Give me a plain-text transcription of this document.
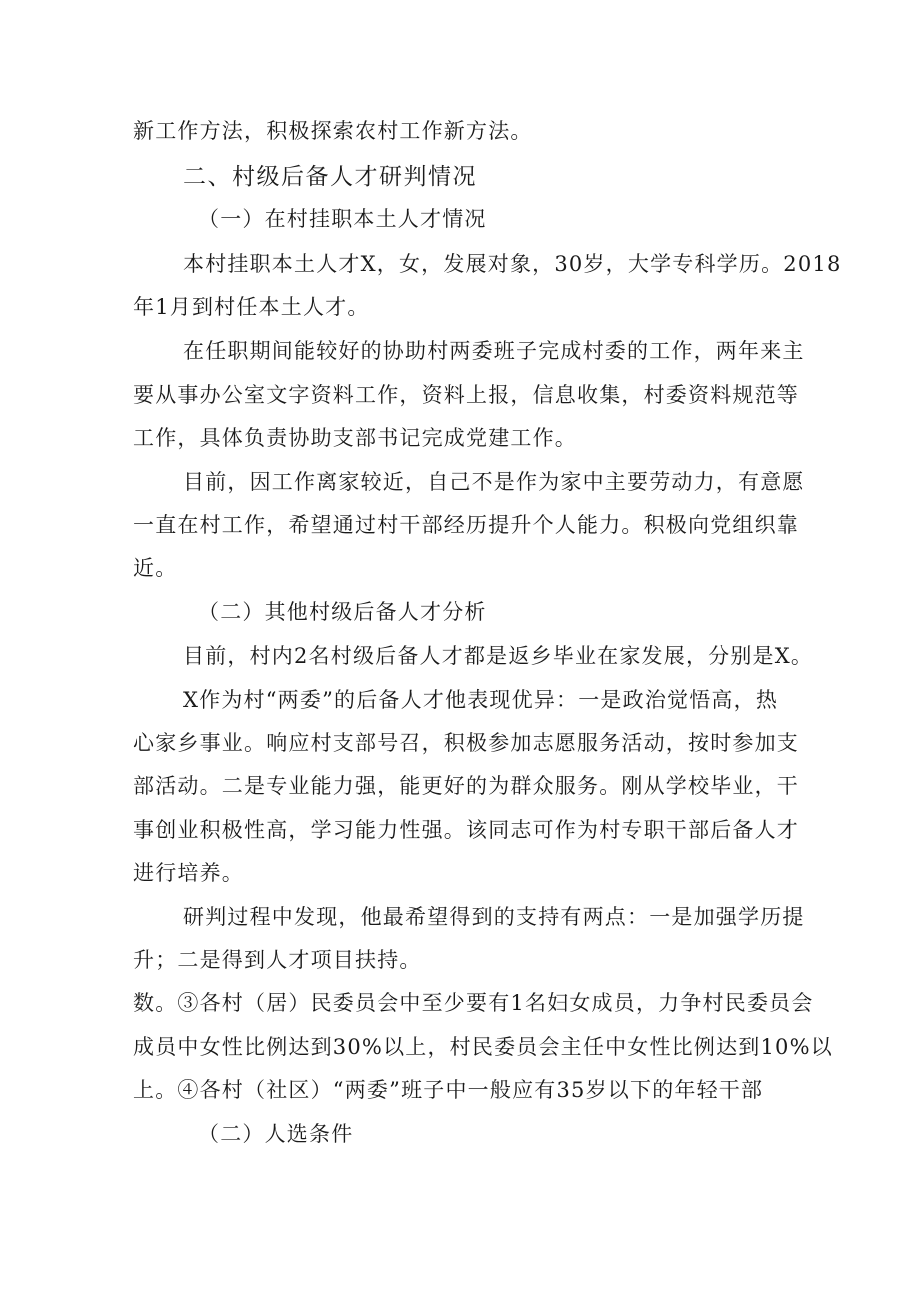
新工作方法，积极探索农村工作新方法。
二、村级后备人才研判情况
（一）在村挂职本土人才情况
本村挂职本土人才X，女，发展对象，30岁，大学专科学历。2018
年1月到村任本土人才。
在任职期间能较好的协助村两委班子完成村委的工作，两年来主
要从事办公室文字资料工作，资料上报，信息收集，村委资料规范等
工作，具体负责协助支部书记完成党建工作。
目前，因工作离家较近，自己不是作为家中主要劳动力，有意愿
一直在村工作，希望通过村干部经历提升个人能力。积极向党组织靠
近。
（二）其他村级后备人才分析
目前，村内2名村级后备人才都是返乡毕业在家发展，分别是X。
X作为村“两委”的后备人才他表现优异：一是政治觉悟高，热
心家乡事业。响应村支部号召，积极参加志愿服务活动，按时参加支
部活动。二是专业能力强，能更好的为群众服务。刚从学校毕业，干
事创业积极性高，学习能力性强。该同志可作为村专职干部后备人才
进行培养。
研判过程中发现，他最希望得到的支持有两点：一是加强学历提
升；二是得到人才项目扶持。
数。③各村（居）民委员会中至少要有1名妇女成员，力争村民委员会
成员中女性比例达到30%以上，村民委员会主任中女性比例达到10%以
上。④各村（社区）“两委”班子中一般应有35岁以下的年轻干部
（二）人选条件
